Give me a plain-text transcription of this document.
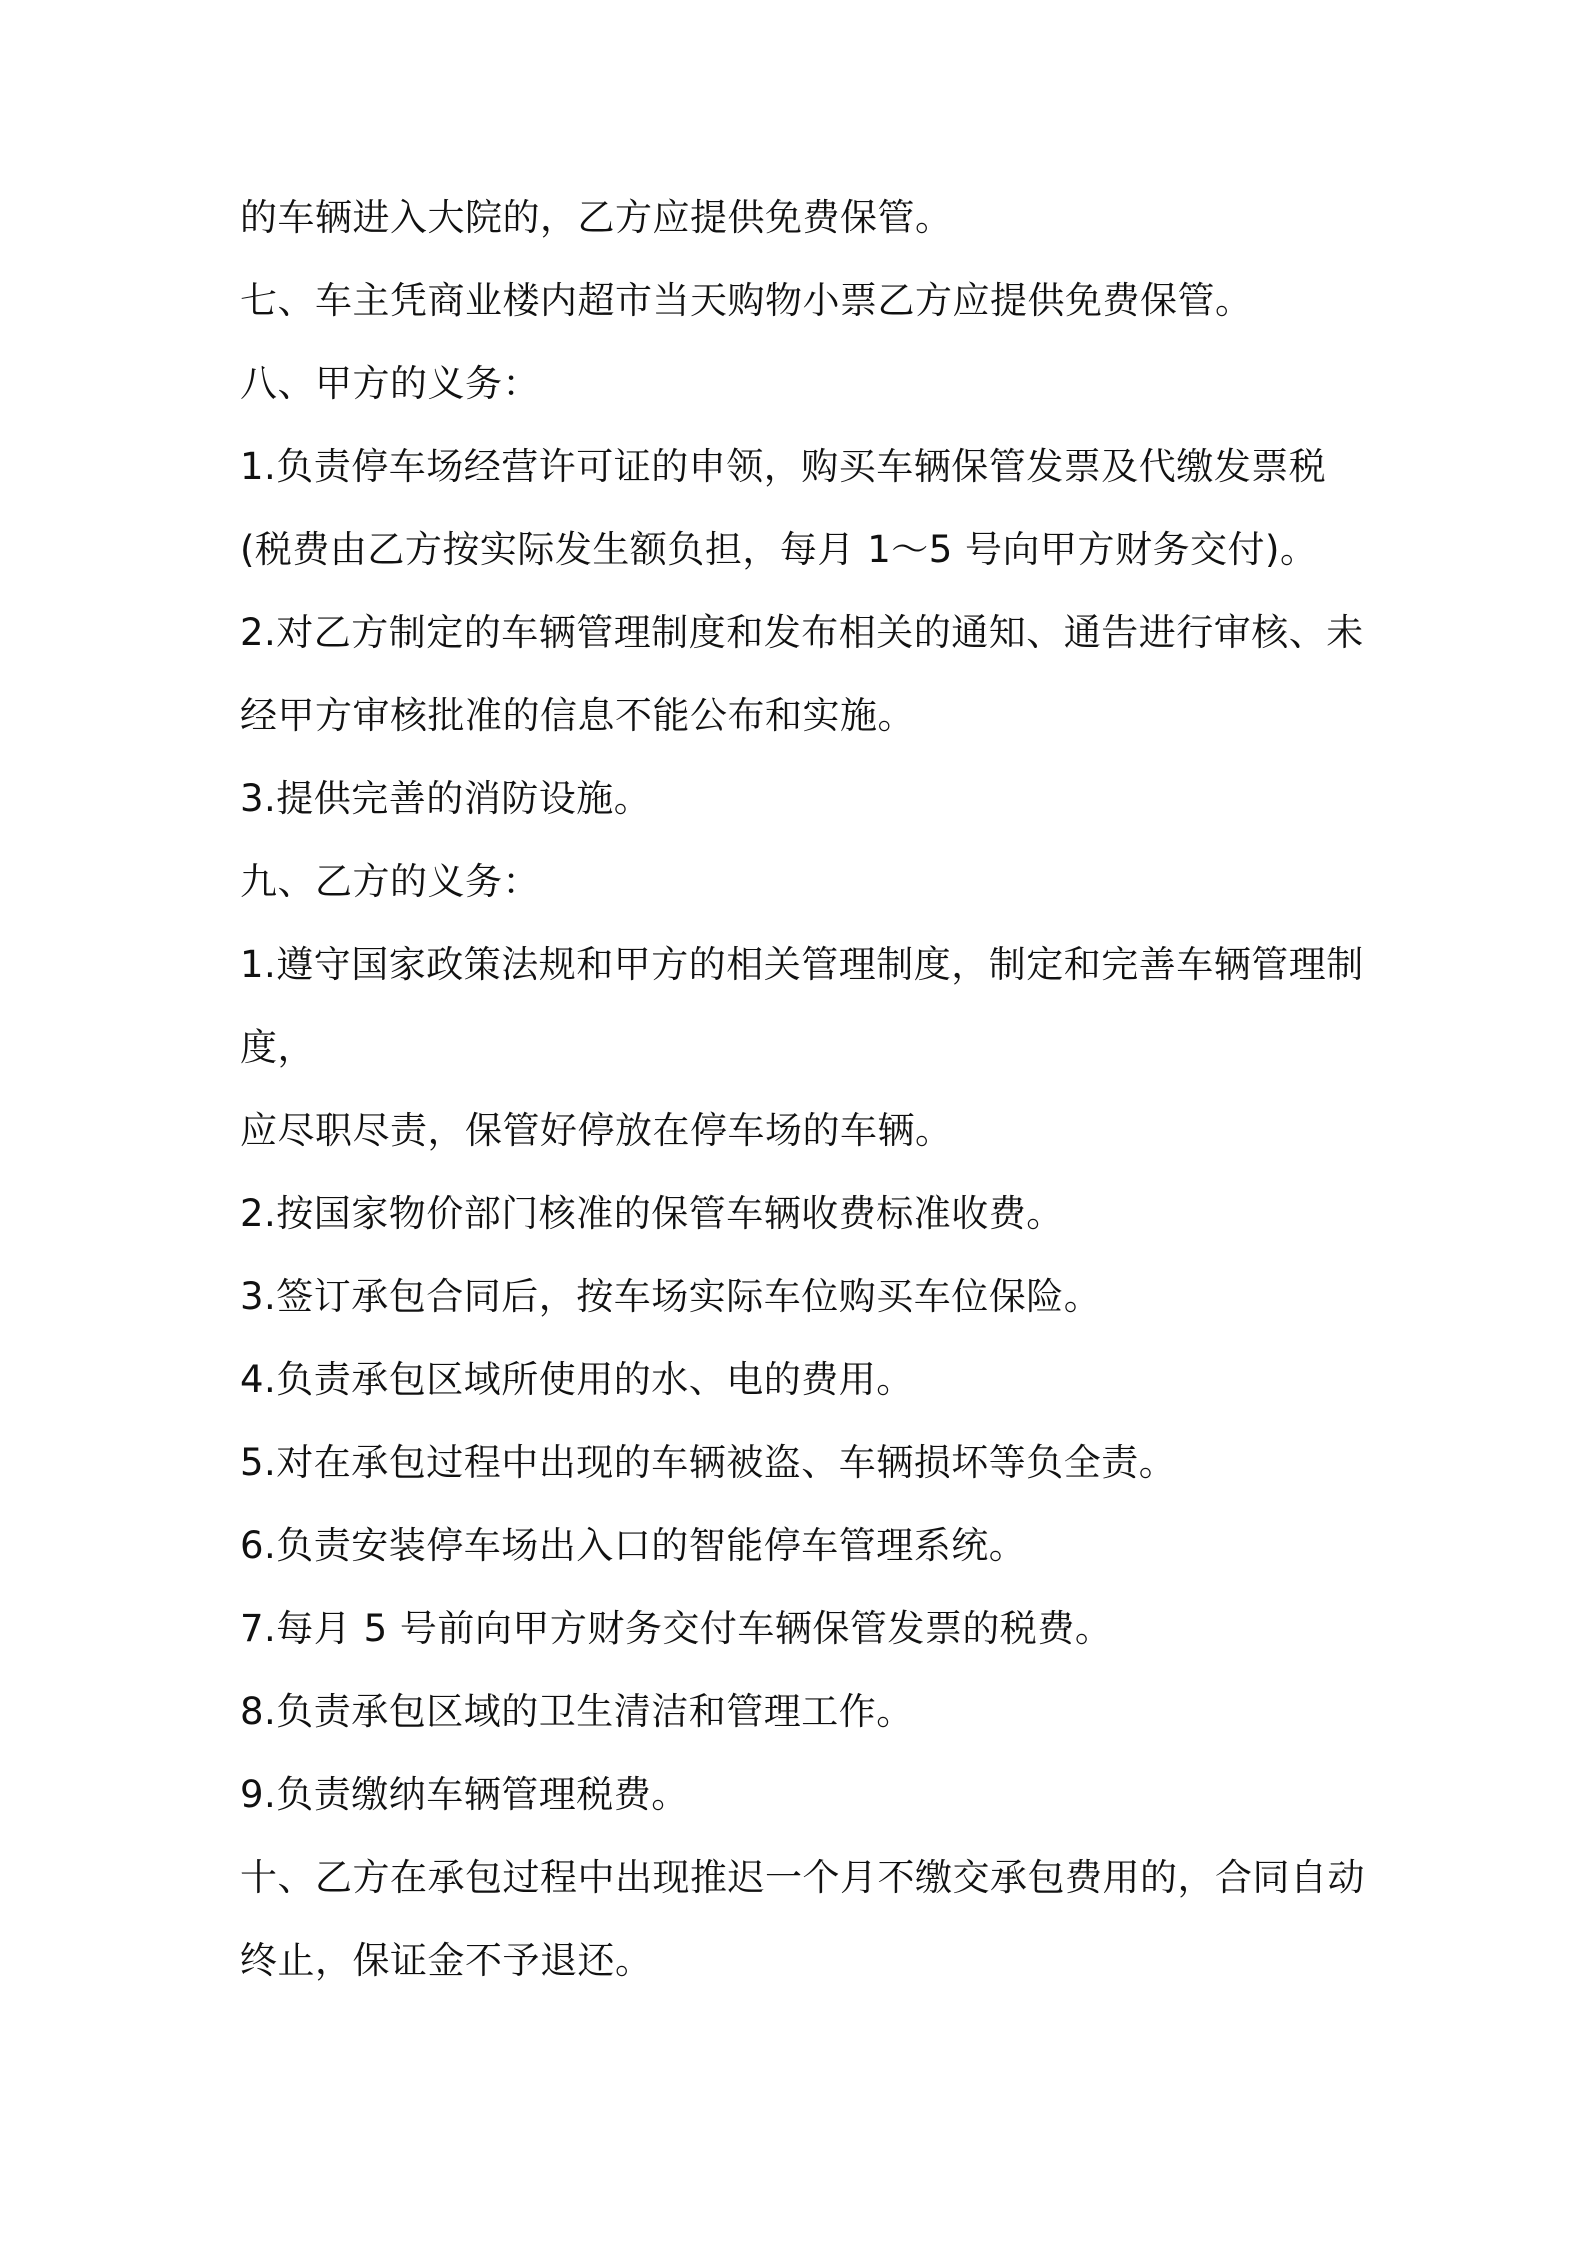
的车辆进入大院的，乙方应提供免费保管。
七、车主凭商业楼内超市当天购物小票乙方应提供免费保管。
八、甲方的义务：
1.负责停车场经营许可证的申领，购买车辆保管发票及代缴发票税
(税费由乙方按实际发生额负担，每月 1～5 号向甲方财务交付)。
2.对乙方制定的车辆管理制度和发布相关的通知、通告进行审核、未
经甲方审核批准的信息不能公布和实施。
3.提供完善的消防设施。
九、乙方的义务：
1.遵守国家政策法规和甲方的相关管理制度，制定和完善车辆管理制
度，
应尽职尽责，保管好停放在停车场的车辆。
2.按国家物价部门核准的保管车辆收费标准收费。
3.签订承包合同后，按车场实际车位购买车位保险。
4.负责承包区域所使用的水、电的费用。
5.对在承包过程中出现的车辆被盗、车辆损坏等负全责。
6.负责安装停车场出入口的智能停车管理系统。
7.每月 5 号前向甲方财务交付车辆保管发票的税费。
8.负责承包区域的卫生清洁和管理工作。
9.负责缴纳车辆管理税费。
十、乙方在承包过程中出现推迟一个月不缴交承包费用的，合同自动
终止，保证金不予退还。
